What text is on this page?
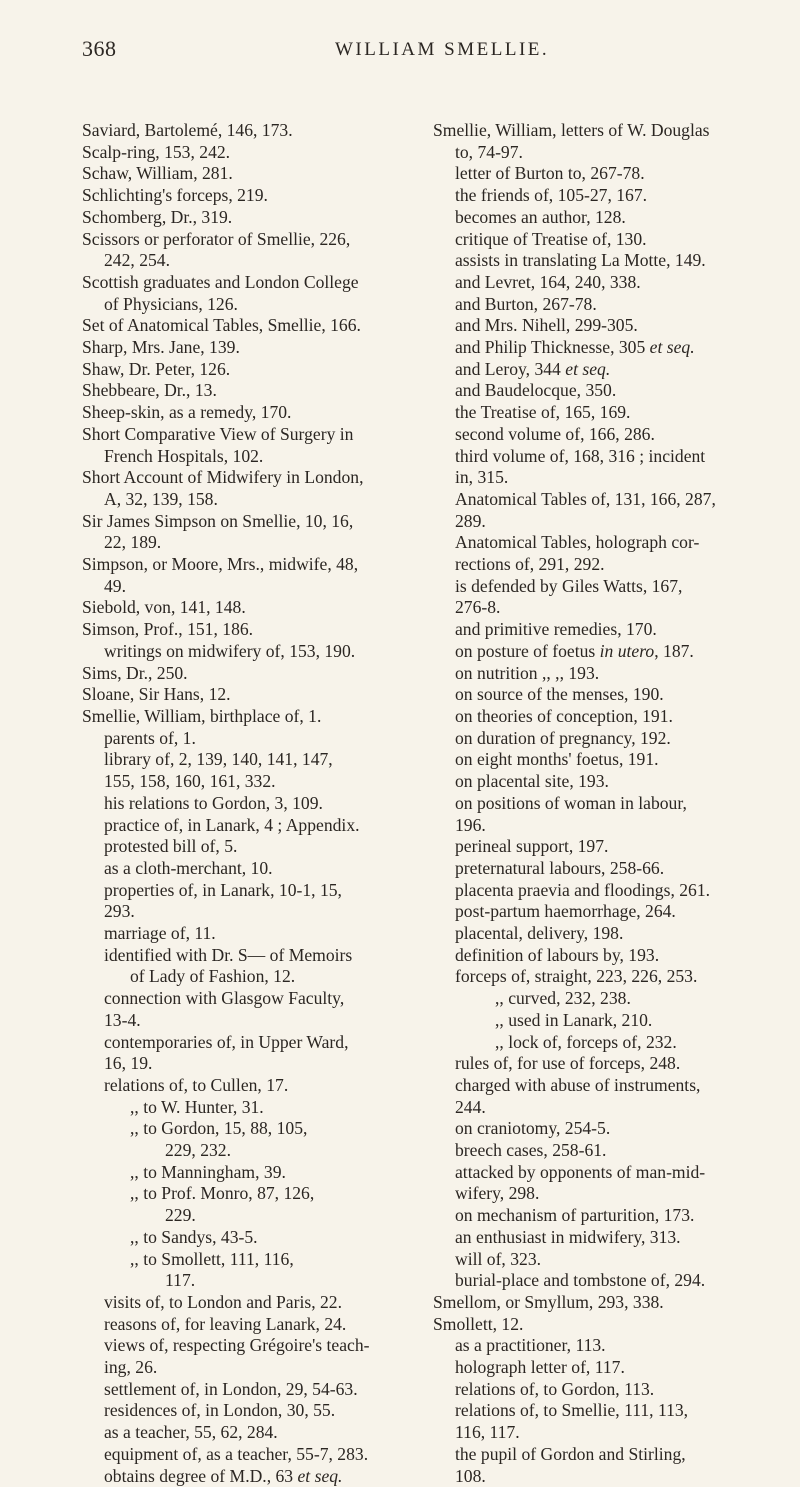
368	WILLIAM SMELLIE.
Saviard, Bartolemé, 146, 173.
Scalp-ring, 153, 242.
Schaw, William, 281.
Schlichting's forceps, 219.
Schomberg, Dr., 319.
Scissors or perforator of Smellie, 226,
242, 254.
Scottish graduates and London College
of Physicians, 126.
Set of Anatomical Tables, Smellie, 166.
Sharp, Mrs. Jane, 139.
Shaw, Dr. Peter, 126.
Shebbeare, Dr., 13.
Sheep-skin, as a remedy, 170.
Short Comparative View of Surgery in
French Hospitals, 102.
Short Account of Midwifery in London,
A, 32, 139, 158.
Sir James Simpson on Smellie, 10, 16,
22, 189.
Simpson, or Moore, Mrs., midwife, 48,
49.
Siebold, von, 141, 148.
Simson, Prof., 151, 186.
writings on midwifery of, 153, 190.
Sims, Dr., 250.
Sloane, Sir Hans, 12.
Smellie, William, birthplace of, 1.
parents of, 1.
library of, 2, 139, 140, 141, 147,
155, 158, 160, 161, 332.
his relations to Gordon, 3, 109.
practice of, in Lanark, 4 ; Appendix.
protested bill of, 5.
as a cloth-merchant, 10.
properties of, in Lanark, 10-1, 15,
293.
marriage of, 11.
identified with Dr. S— of Memoirs
of Lady of Fashion, 12.
connection with Glasgow Faculty,
13-4.
contemporaries of, in Upper Ward,
16, 19.
relations of, to Cullen, 17.
,, to W. Hunter, 31.
,, to Gordon, 15, 88, 105,
229, 232.
,, to Manningham, 39.
,, to Prof. Monro, 87, 126,
229.
,, to Sandys, 43-5.
,, to Smollett, 111, 116,
117.
visits of, to London and Paris, 22.
reasons of, for leaving Lanark, 24.
views of, respecting Grégoire's teach-
ing, 26.
settlement of, in London, 29, 54-63.
residences of, in London, 30, 55.
as a teacher, 55, 62, 284.
equipment of, as a teacher, 55-7, 283.
obtains degree of M.D., 63 et seq.
Smellie, William, letters of W. Douglas
to, 74-97.
letter of Burton to, 267-78.
the friends of, 105-27, 167.
becomes an author, 128.
critique of Treatise of, 130.
assists in translating La Motte, 149.
and Levret, 164, 240, 338.
and Burton, 267-78.
and Mrs. Nihell, 299-305.
and Philip Thicknesse, 305 et seq.
and Leroy, 344 et seq.
and Baudelocque, 350.
the Treatise of, 165, 169.
second volume of, 166, 286.
third volume of, 168, 316 ; incident
in, 315.
Anatomical Tables of, 131, 166, 287,
289.
Anatomical Tables, holograph cor-
rections of, 291, 292.
is defended by Giles Watts, 167,
276-8.
and primitive remedies, 170.
on posture of foetus in utero, 187.
on nutrition ,, ,, 193.
on source of the menses, 190.
on theories of conception, 191.
on duration of pregnancy, 192.
on eight months' foetus, 191.
on placental site, 193.
on positions of woman in labour,
196.
perineal support, 197.
preternatural labours, 258-66.
placenta praevia and floodings, 261.
post-partum haemorrhage, 264.
placental, delivery, 198.
definition of labours by, 193.
forceps of, straight, 223, 226, 253.
,, curved, 232, 238.
,, used in Lanark, 210.
,, lock of, forceps of, 232.
rules of, for use of forceps, 248.
charged with abuse of instruments,
244.
on craniotomy, 254-5.
breech cases, 258-61.
attacked by opponents of man-mid-
wifery, 298.
on mechanism of parturition, 173.
an enthusiast in midwifery, 313.
will of, 323.
burial-place and tombstone of, 294.
Smellom, or Smyllum, 293, 338.
Smollett, 12.
as a practitioner, 113.
holograph letter of, 117.
relations of, to Gordon, 113.
relations of, to Smellie, 111, 113,
116, 117.
the pupil of Gordon and Stirling,
108.
